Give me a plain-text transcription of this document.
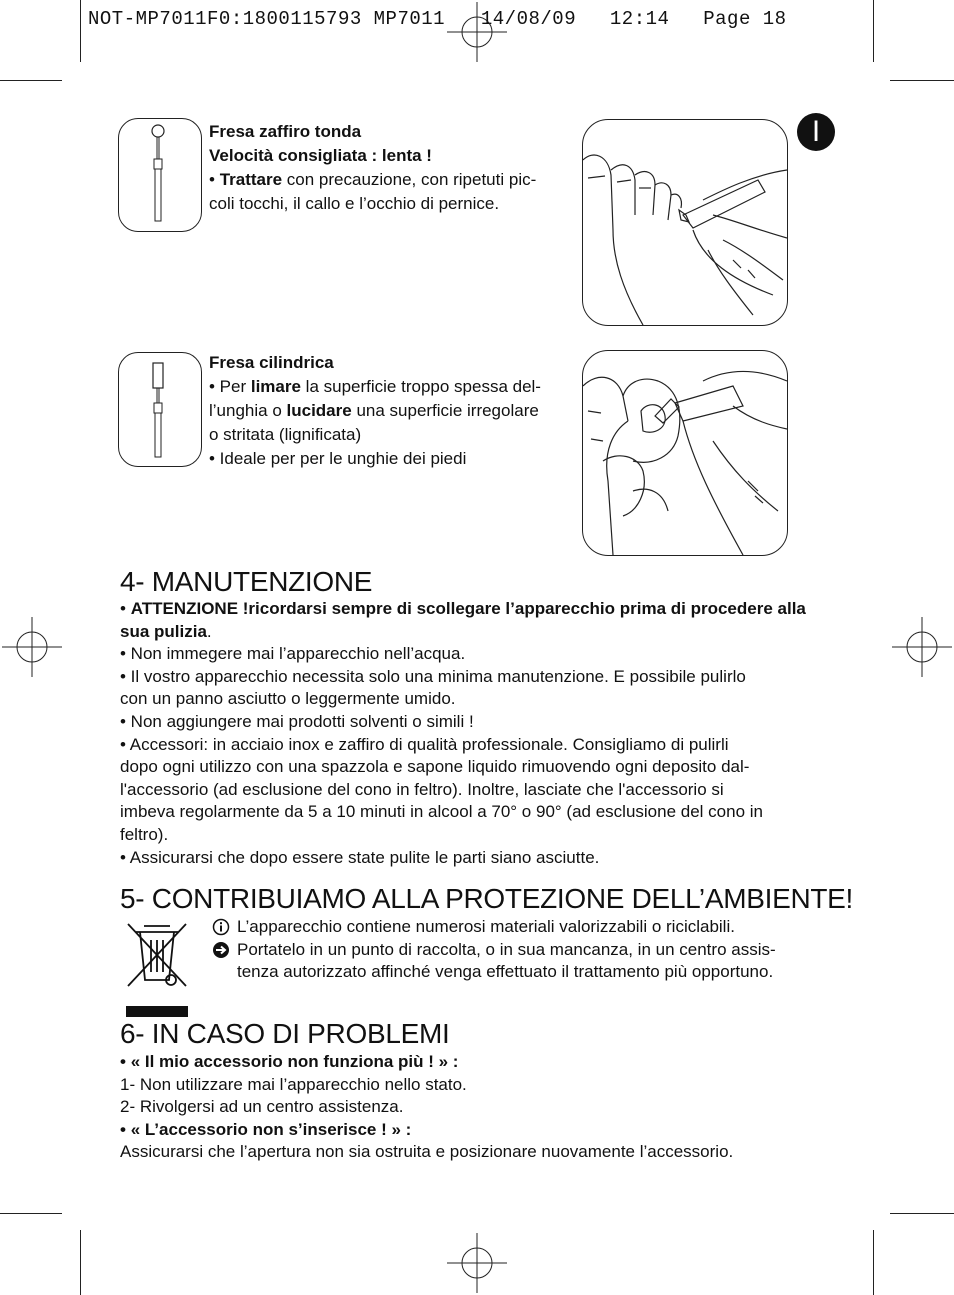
NOT-MP7011F0:1800115793 MP7011 14/08/09 12:14 Page 18
I

Fresa zaffiro tonda

Velocità consigliata : lenta !

• Trattare con precauzione, con ripetuti pic-

coli tocchi, il callo e l’occhio di pernice.

Fresa cilindrica

• Per limare la superficie troppo spessa del-

l’unghia o lucidare una superficie irregolare

o stritata (lignificata)

• Ideale per per le unghie dei piedi

4- MANUTENZIONE

• ATTENZIONE !ricordarsi sempre di scollegare l’apparecchio prima di procedere alla

sua pulizia.

• Non immegere mai l’apparecchio nell’acqua.

• Il vostro apparecchio necessita solo una minima manutenzione. E possibile pulirlo

con un panno asciutto o leggermente umido.

• Non aggiungere mai prodotti solventi o simili !

• Accessori: in acciaio inox e zaffiro di qualità professionale. Consigliamo di pulirli

dopo ogni utilizzo con una spazzola e sapone liquido rimuovendo ogni deposito dal-

l'accessorio (ad esclusione del cono in feltro). Inoltre, lasciate che l'accessorio si

imbeva regolarmente da 5 a 10 minuti in alcool a 70° o 90° (ad esclusione del cono in

feltro).

• Assicurarsi che dopo essere state pulite le parti siano asciutte.

5- CONTRIBUIAMO ALLA PROTEZIONE DELL’AMBIENTE!

L’apparecchio contiene numerosi materiali valorizzabili o riciclabili.

Portatelo in un punto di raccolta, o in sua mancanza, in un centro assis-

tenza autorizzato affinché venga effettuato il trattamento più opportuno.

6- IN CASO DI PROBLEMI

• « Il mio accessorio non funziona più ! » :

1- Non utilizzare mai l’apparecchio nello stato.

2- Rivolgersi ad un centro assistenza.

• « L’accessorio non s’inserisce ! » :

Assicurarsi che l’apertura non sia ostruita e posizionare nuovamente l’accessorio.
